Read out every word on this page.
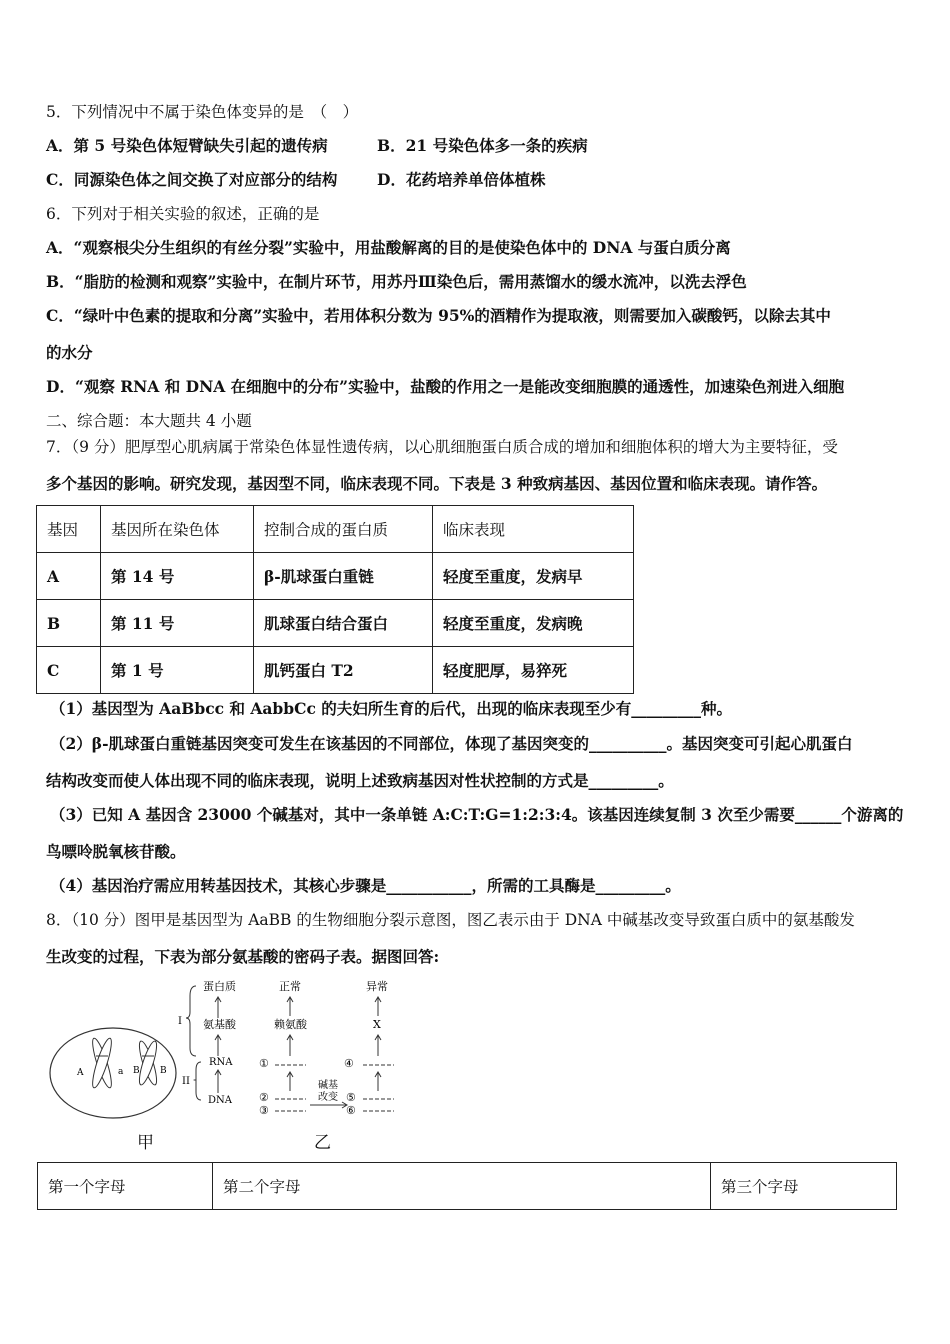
5．下列情况中不属于染色体变异的是　（　）
A．第 5 号染色体短臂缺失引起的遗传病	B．21 号染色体多一条的疾病
C．同源染色体之间交换了对应部分的结构	D．花药培养单倍体植株
6．下列对于相关实验的叙述，正确的是
A．“观察根尖分生组织的有丝分裂”实验中，用盐酸解离的目的是使染色体中的 DNA 与蛋白质分离
B．“脂肪的检测和观察”实验中，在制片环节，用苏丹Ⅲ染色后，需用蒸馏水的缓水流冲，以洗去浮色
C．“绿叶中色素的提取和分离”实验中，若用体积分数为 95%的酒精作为提取液，则需要加入碳酸钙，以除去其中
的水分
D．“观察 RNA 和 DNA 在细胞中的分布”实验中，盐酸的作用之一是能改变细胞膜的通透性，加速染色剂进入细胞
二、综合题：本大题共 4 小题
7．（9 分）肥厚型心肌病属于常染色体显性遗传病，以心肌细胞蛋白质合成的增加和细胞体积的增大为主要特征，受
多个基因的影响。研究发现，基因型不同，临床表现不同。下表是 3 种致病基因、基因位置和临床表现。请作答。
基因	基因所在染色体	控制合成的蛋白质	临床表现
A	第 14 号	β-肌球蛋白重链	轻度至重度，发病早
B	第 11 号	肌球蛋白结合蛋白	轻度至重度，发病晚
C	第 1 号	肌钙蛋白 T2	轻度肥厚，易猝死
（1）基因型为 AaBbcc 和 AabbCc 的夫妇所生育的后代，出现的临床表现至少有_________种。
（2）β-肌球蛋白重链基因突变可发生在该基因的不同部位，体现了基因突变的__________。基因突变可引起心肌蛋白
结构改变而使人体出现不同的临床表现，说明上述致病基因对性状控制的方式是_________。
（3）已知 A 基因含 23000 个碱基对，其中一条单链 A:C:T:G=1:2:3:4。该基因连续复制 3 次至少需要______个游离的
鸟嘌呤脱氧核苷酸。
（4）基因治疗需应用转基因技术，其核心步骤是___________，所需的工具酶是_________。
8．（10 分）图甲是基因型为 AaBB 的生物细胞分裂示意图，图乙表示由于 DNA 中碱基改变导致蛋白质中的氨基酸发
生改变的过程，下表为部分氨基酸的密码子表。据图回答:
A	a B B
蛋白质
氨基酸
RNA
DNA
I
II
正常
赖氨酸
①
②
③
碱基
改变
异常
X
④
⑤
⑥
甲	乙
第一个字母	第二个字母	第三个字母
